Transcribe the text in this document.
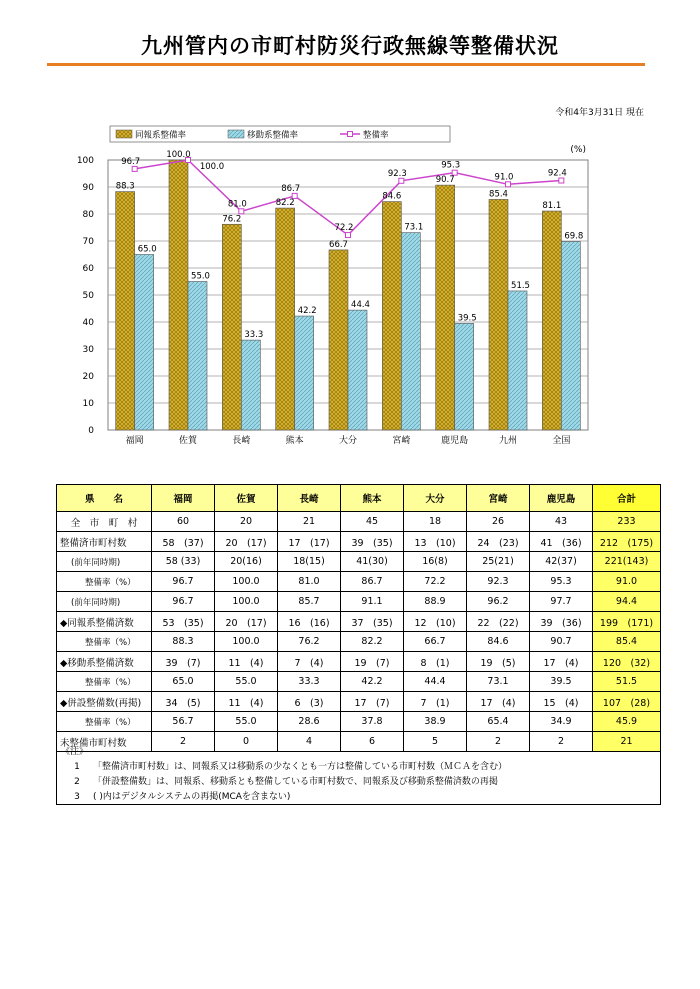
九州管内の市町村防災行政無線等整備状況
令和4年3月31日 現在
0
10
20
30
40
50
60
70
80
90
100
(%)
88.3
65.0
福岡
100.0
55.0
佐賀
76.2
33.3
長崎
82.2
42.2
熊本
66.7
44.4
大分
84.6
73.1
宮崎
90.7
39.5
鹿児島
85.4
51.5
九州
81.1
69.8
全国
96.7
100.0
81.0
86.7
72.2
92.3
95.3
91.0	92.4
同報系整備率	移動系整備率	整備率
県　　名	福岡	佐賀	長崎	熊本	大分	宮崎	鹿児島	合計
全　市　町　村	60	20	21	45	18	26	43	233
整備済市町村数	58　(37)	20　(17)	17　(17)	39　(35)	13　(10)	24　(23)	41　(36)	212　(175)
(前年同時期)	58 (33)	20(16)	18(15)	41(30)	16(8)	25(21)	42(37)	221(143)
整備率（%）	96.7	100.0	81.0	86.7	72.2	92.3	95.3	91.0
(前年同時期)	96.7	100.0	85.7	91.1	88.9	96.2	97.7	94.4
◆同報系整備済数	53　(35)	20　(17)	16　(16)	37　(35)	12　(10)	22　(22)	39　(36)	199　(171)
整備率（%）	88.3	100.0	76.2	82.2	66.7	84.6	90.7	85.4
◆移動系整備済数	39　(7)	11　(4)	7　(4)	19　(7)	8　(1)	19　(5)	17　(4)	120　(32)
整備率（%）	65.0	55.0	33.3	42.2	44.4	73.1	39.5	51.5
◆併設整備数(再掲)	34　(5)	11　(4)	6　(3)	17　(7)	7　(1)	17　(4)	15　(4)	107　(28)
整備率（%）	56.7	55.0	28.6	37.8	38.9	65.4	34.9	45.9
未整備市町村数	2	0	4	6	5	2	2	21
《注》
1 「整備済市町村数」は、同報系又は移動系の少なくとも一方は整備している市町村数（ＭＣＡを含む）
2 「併設整備数」は、同報系、移動系とも整備している市町村数で、同報系及び移動系整備済数の再掲
3 ( )内はデジタルシステムの再掲(MCAを含まない)
